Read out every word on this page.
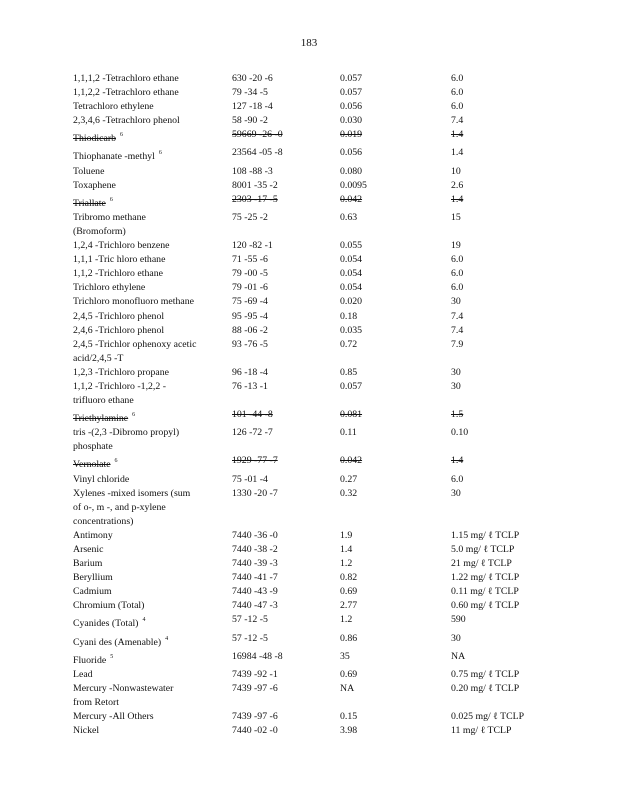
183
1,1,1,2 -Tetrachloro ethane	630 -20 -6	0.057	6.0
1,1,2,2 -Tetrachloro ethane	79 -34 -5	0.057	6.0
Tetrachloro ethylene	127 -18 -4	0.056	6.0
2,3,4,6 -Tetrachloro phenol	58 -90 -2	0.030	7.4
Thiodicarb $^6$	59669 -26 -0	0.019	1.4
Thiophanate -methyl $^6$	23564 -05 -8	0.056	1.4
Toluene	108 -88 -3	0.080	10
Toxaphene	8001 -35 -2	0.0095	2.6
Triallate $^6$	2303 -17 -5	0.042	1.4
Tribromo methane	75 -25 -2	0.63	15
(Bromoform)
1,2,4 -Trichloro benzene	120 -82 -1	0.055	19
1,1,1 -Tric hloro ethane	71 -55 -6	0.054	6.0
1,1,2 -Trichloro ethane	79 -00 -5	0.054	6.0
Trichloro ethylene	79 -01 -6	0.054	6.0
Trichloro monofluoro methane	75 -69 -4	0.020	30
2,4,5 -Trichloro phenol	95 -95 -4	0.18	7.4
2,4,6 -Trichloro phenol	88 -06 -2	0.035	7.4
2,4,5 -Trichlor ophenoxy acetic	93 -76 -5	0.72	7.9
acid/2,4,5 -T
1,2,3 -Trichloro propane	96 -18 -4	0.85	30
1,1,2 -Trichloro -1,2,2 -	76 -13 -1	0.057	30
trifluoro ethane
Triethylamine $^6$	101 -44 -8	0.081	1.5
tris -(2,3 -Dibromo propyl)	126 -72 -7	0.11	0.10
phosphate
Vernolate $^6$	1929 -77 -7	0.042	1.4
Vinyl chloride	75 -01 -4	0.27	6.0
Xylenes -mixed isomers (sum	1330 -20 -7	0.32	30
of o-, m -, and p-xylene
concentrations)
Antimony	7440 -36 -0	1.9	1.15 mg/ ℓ TCLP
Arsenic	7440 -38 -2	1.4	5.0 mg/ ℓ TCLP
Barium	7440 -39 -3	1.2	21 mg/ ℓ TCLP
Beryllium	7440 -41 -7	0.82	1.22 mg/ ℓ TCLP
Cadmium	7440 -43 -9	0.69	0.11 mg/ ℓ TCLP
Chromium (Total)	7440 -47 -3	2.77	0.60 mg/ ℓ TCLP
Cyanides (Total) $^4$	57 -12 -5	1.2	590
Cyani des (Amenable) $^4$	57 -12 -5	0.86	30
Fluoride $^5$	16984 -48 -8	35	NA
Lead	7439 -92 -1	0.69	0.75 mg/ ℓ TCLP
Mercury -Nonwastewater	7439 -97 -6	NA	0.20 mg/ ℓ TCLP
from Retort
Mercury -All Others	7439 -97 -6	0.15	0.025 mg/ ℓ TCLP
Nickel	7440 -02 -0	3.98	11 mg/ ℓ TCLP
